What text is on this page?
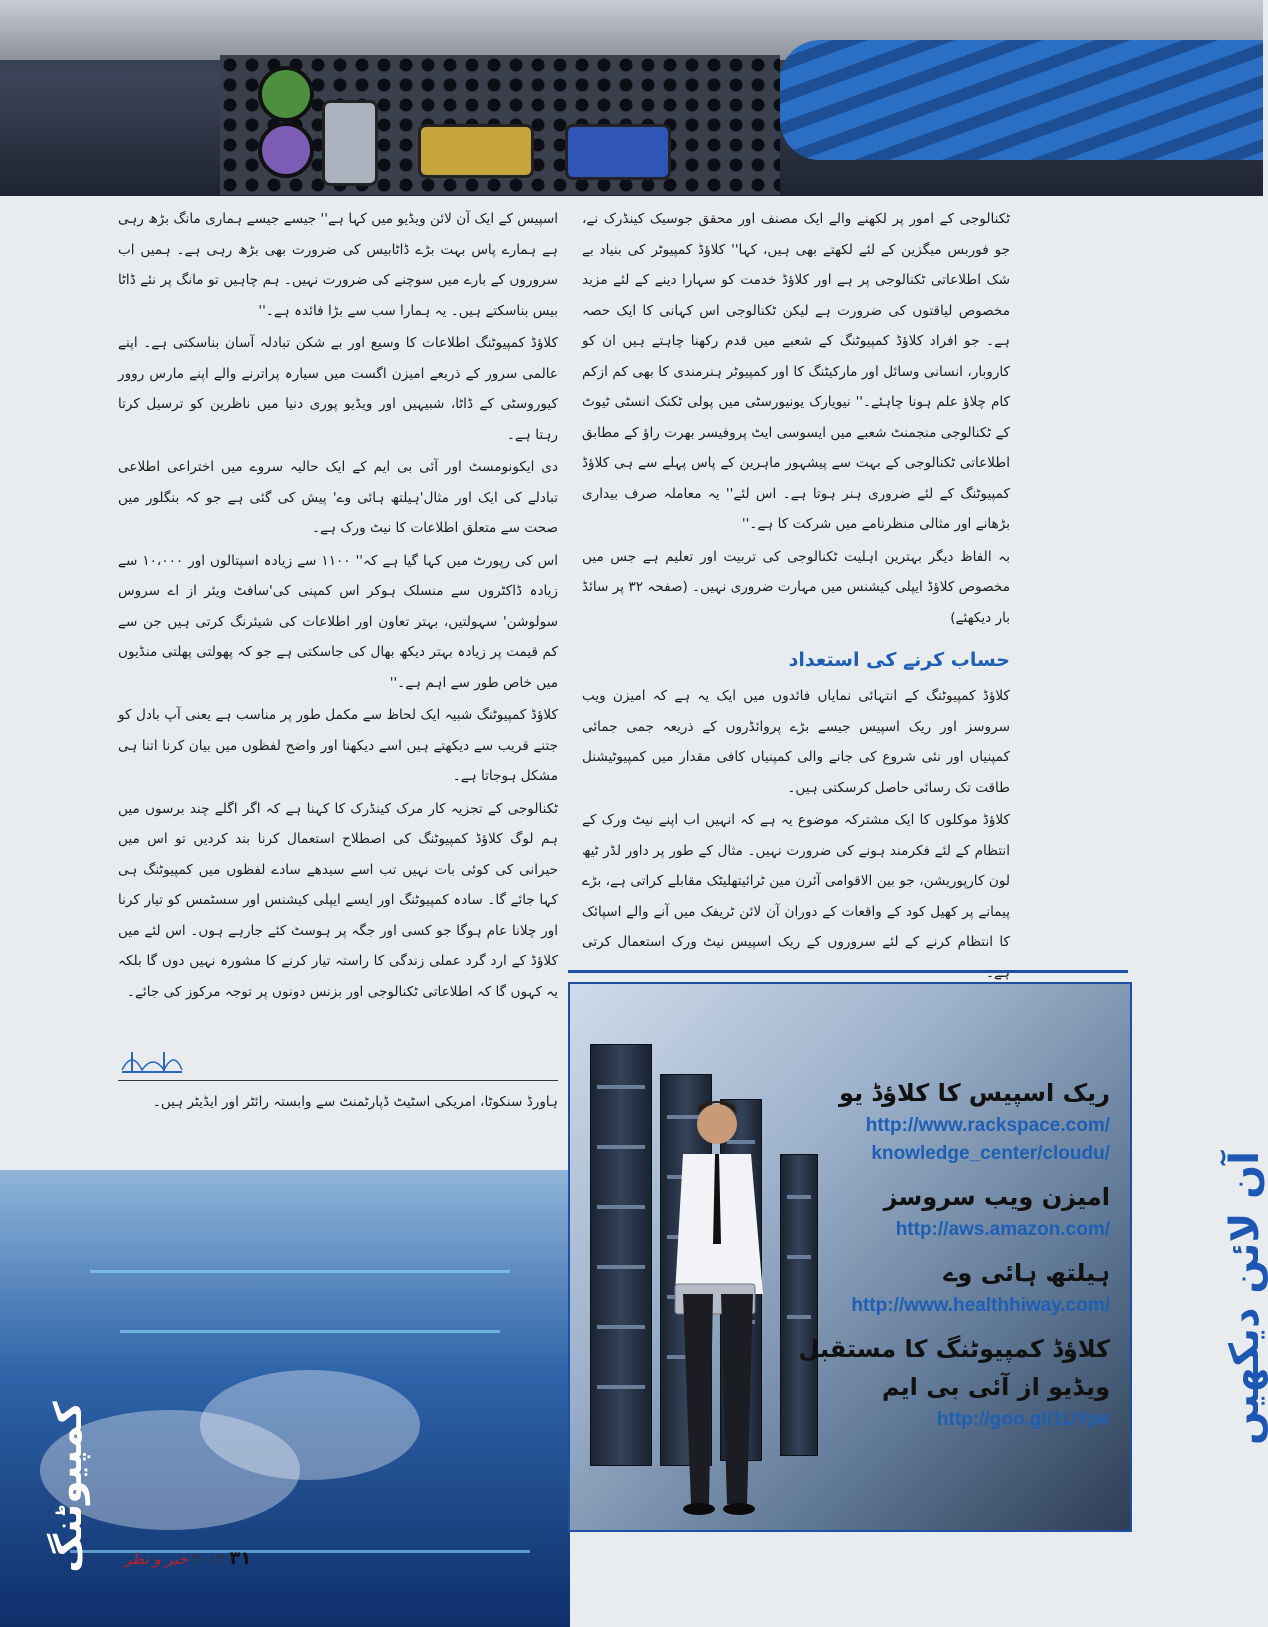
ٹکنالوجی کے امور پر لکھنے والے ایک مصنف اور محقق جوسیک کینڈرک نے، جو فوربس میگزین کے لئے لکھتے بھی ہیں، کہا'' کلاؤڈ کمپیوٹر کی بنیاد بے شک اطلاعاتی ٹکنالوجی پر ہے اور کلاؤڈ خدمت کو سہارا دینے کے لئے مزید مخصوص لیاقتوں کی ضرورت ہے لیکن ٹکنالوجی اس کہانی کا ایک حصہ ہے۔ جو افراد کلاؤڈ کمپیوٹنگ کے شعبے میں قدم رکھنا چاہتے ہیں ان کو کاروبار، انسانی وسائل اور مارکیٹنگ کا اور کمپیوٹر ہنرمندی کا بھی کم ازکم کام چلاؤ علم ہونا چاہئے۔'' نیویارک یونیورسٹی میں پولی ٹکنک انسٹی ٹیوٹ کے ٹکنالوجی منجمنٹ شعبے میں ایسوسی ایٹ پروفیسر بھرت راؤ کے مطابق اطلاعاتی ٹکنالوجی کے بہت سے پیشہور ماہرین کے پاس پہلے سے ہی کلاؤڈ کمپیوٹنگ کے لئے ضروری ہنر ہوتا ہے۔ اس لئے'' یہ معاملہ صرف بیداری بڑھانے اور مثالی منظرنامے میں شرکت کا ہے۔''

بہ الفاظ دیگر بہترین اہلیت ٹکنالوجی کی تربیت اور تعلیم ہے جس میں مخصوص کلاؤڈ ایپلی کیشنس میں مہارت ضروری نہیں۔ (صفحہ ۳۲ پر سائڈ بار دیکھئے)

حساب کرنے کی استعداد

کلاؤڈ کمپیوٹنگ کے انتہائی نمایاں فائدوں میں ایک یہ ہے کہ امیزن ویب سروسز اور ریک اسپیس جیسے بڑے پروائڈروں کے ذریعہ جمی جمائی کمپنیاں اور نئی شروع کی جانے والی کمپنیاں کافی مقدار میں کمپیوٹیشنل طاقت تک رسائی حاصل کرسکتی ہیں۔

کلاؤڈ موکلوں کا ایک مشترکہ موضوع یہ ہے کہ انہیں اب اپنے نیٹ ورک کے انتظام کے لئے فکرمند ہونے کی ضرورت نہیں۔ مثال کے طور پر داور لڈر ٹیھ لون کارپوریشن، جو بین الاقوامی آئرن مین ٹرائیتھلیٹک مقابلے کراتی ہے، بڑے پیمانے پر کھیل کود کے واقعات کے دوران آن لائن ٹریفک میں آنے والے اسپائک کا انتظام کرنے کے لئے سروروں کے ریک اسپیس نیٹ ورک استعمال کرتی

اسپیس کے ایک آن لائن ویڈیو میں کہا ہے'' جیسے جیسے ہماری مانگ بڑھ رہی ہے ہمارے پاس بہت بڑے ڈاٹابیس کی ضرورت بھی بڑھ رہی ہے۔ ہمیں اب سروروں کے بارے میں سوچنے کی ضرورت نہیں۔ ہم چاہیں تو مانگ پر نئے ڈاٹا بیس بناسکتے ہیں۔ یہ ہمارا سب سے بڑا فائدہ ہے۔''

کلاؤڈ کمپیوٹنگ اطلاعات کا وسیع اور بے شکن تبادلہ آسان بناسکتی ہے۔ اپنے عالمی سرور کے ذریعے امیزن اگست میں سیارہ پراترنے والے اپنے مارس روور کیوروسٹی کے ڈاٹا، شبیہیں اور ویڈیو پوری دنیا میں ناظرین کو ترسیل کرتا رہتا ہے۔

دی ایکونومسٹ اور آئی بی ایم کے ایک حالیہ سروے میں اختراعی اطلاعی تبادلے کی ایک اور مثال'ہیلتھ ہائی وے' پیش کی گئی ہے جو کہ بنگلور میں صحت سے متعلق اطلاعات کا نیٹ ورک ہے۔

اس کی رپورٹ میں کہا گیا ہے کہ'' ۱۱۰۰ سے زیادہ اسپتالوں اور ۱۰،۰۰۰ سے زیادہ ڈاکٹروں سے منسلک ہوکر اس کمپنی کی'سافٹ ویئر از اے سروس سولوشن' سہولتیں، بہتر تعاون اور اطلاعات کی شیئرنگ کرتی ہیں جن سے کم قیمت پر زیادہ بہتر دیکھ بھال کی جاسکتی ہے جو کہ پھولتی پھلتی منڈیوں میں خاص طور سے اہم ہے۔''

کلاؤڈ کمپیوٹنگ شبیہ ایک لحاظ سے مکمل طور پر مناسب ہے یعنی آپ بادل کو جتنے قریب سے دیکھتے ہیں اسے دیکھنا اور واضح لفظوں میں بیان کرنا اتنا ہی مشکل ہوجاتا ہے۔

ٹکنالوجی کے تجزیہ کار مرک کینڈرک کا کہنا ہے کہ اگر اگلے چند برسوں میں ہم لوگ کلاؤڈ کمپیوٹنگ کی اصطلاح استعمال کرنا بند کردیں تو اس میں حیرانی کی کوئی بات نہیں تب اسے سیدھے سادے لفظوں میں کمپیوٹنگ ہی کہا جائے گا۔ سادہ کمپیوٹنگ اور ایسے ایپلی کیشنس اور سسٹمس کو تیار کرنا اور چلانا عام ہوگا جو کسی اور جگہ پر ہوسٹ کئے جارہے ہوں۔ اس لئے میں کلاؤڈ کے ارد گرد عملی زندگی کا راستہ تیار کرنے کا مشورہ نہیں دوں گا بلکہ یہ کہوں گا کہ اطلاعاتی ٹکنالوجی اور بزنس دونوں پر توجہ مرکوز کی جائے۔

ہاورڈ سنکوٹا، امریکی اسٹیٹ ڈپارٹمنٹ سے وابستہ رائٹر اور ایڈیٹر ہیں۔
کمپیوٹنگ
ریک اسپیس کا کلاؤڈ یو
http://www.rackspace.com/ knowledge_center/cloudu/
امیزن ویب سروسز
http://aws.amazon.com/
ہیلتھ ہائی وے
http://www.healthhiway.com/
کلاؤڈ کمپیوٹنگ کا مستقبل
ویڈیو از آئی بی ایم
http://goo.gl/1UYpe	آن لائن دیکھیں
۳۱ ۲۰۱۲ خبر و نظر
